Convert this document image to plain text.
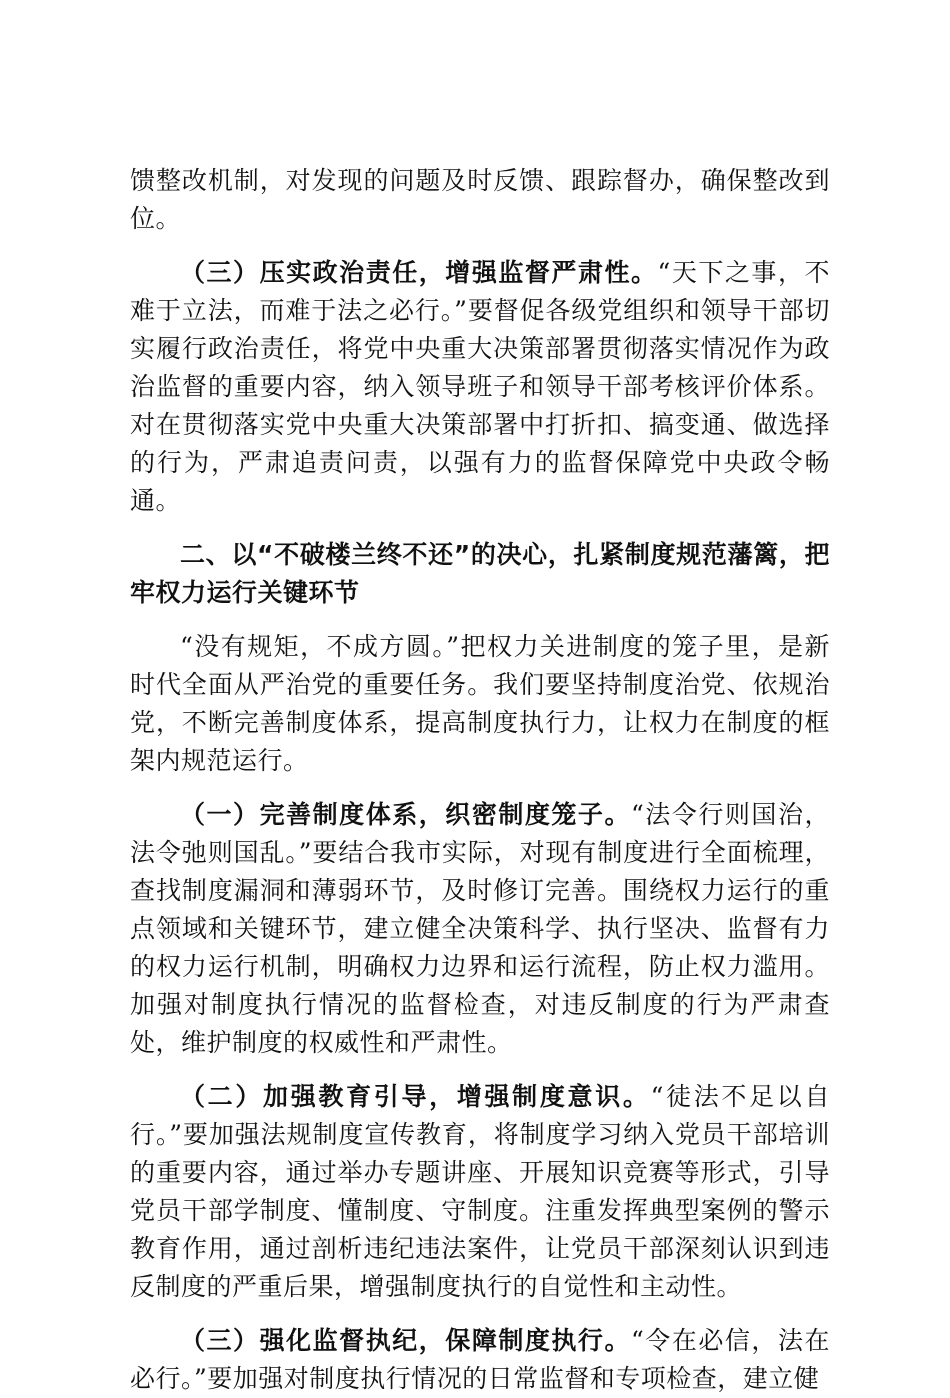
馈整改机制，对发现的问题及时反馈、跟踪督办，确保整改到位。

（三）压实政治责任，增强监督严肃性。“天下之事，不难于立法，而难于法之必行。”要督促各级党组织和领导干部切实履行政治责任，将党中央重大决策部署贯彻落实情况作为政治监督的重要内容，纳入领导班子和领导干部考核评价体系。对在贯彻落实党中央重大决策部署中打折扣、搞变通、做选择的行为，严肃追责问责，以强有力的监督保障党中央政令畅通。

二、以“不破楼兰终不还”的决心，扎紧制度规范藩篱，把牢权力运行关键环节

“没有规矩，不成方圆。”把权力关进制度的笼子里，是新时代全面从严治党的重要任务。我们要坚持制度治党、依规治党，不断完善制度体系，提高制度执行力，让权力在制度的框架内规范运行。

（一）完善制度体系，织密制度笼子。“法令行则国治，法令弛则国乱。”要结合我市实际，对现有制度进行全面梳理，查找制度漏洞和薄弱环节，及时修订完善。围绕权力运行的重点领域和关键环节，建立健全决策科学、执行坚决、监督有力的权力运行机制，明确权力边界和运行流程，防止权力滥用。加强对制度执行情况的监督检查，对违反制度的行为严肃查处，维护制度的权威性和严肃性。

（二）加强教育引导，增强制度意识。“徒法不足以自行。”要加强法规制度宣传教育，将制度学习纳入党员干部培训的重要内容，通过举办专题讲座、开展知识竞赛等形式，引导党员干部学制度、懂制度、守制度。注重发挥典型案例的警示教育作用，通过剖析违纪违法案件，让党员干部深刻认识到违反制度的严重后果，增强制度执行的自觉性和主动性。

（三）强化监督执纪，保障制度执行。“令在必信，法在必行。”要加强对制度执行情况的日常监督和专项检查，建立健
